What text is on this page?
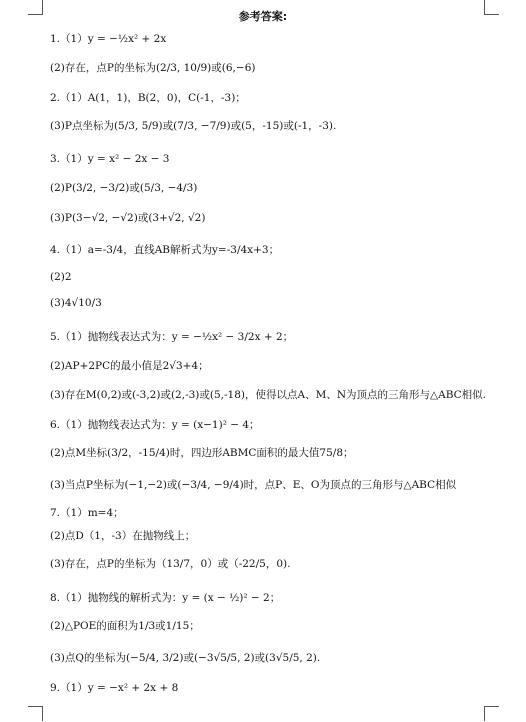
参考答案:
1.（1）y = −½x² + 2x
(2)存在，点P的坐标为(2/3, 10/9)或(6,−6)
2.（1）A(1，1)，B(2，0)，C(-1，-3)；
(3)P点坐标为(5/3, 5/9)或(7/3, −7/9)或(5，-15)或(-1，-3).
3.（1）y = x² − 2x − 3
(2)P(3/2, −3/2)或(5/3, −4/3)
(3)P(3−√2, −√2)或(3+√2, √2)
4.（1）a=-3/4，直线AB解析式为y=-3/4x+3；
(2)2
(3)4√10/3
5.（1）抛物线表达式为：y = −½x² − 3/2x + 2；
(2)AP+2PC的最小值是2√3+4；
(3)存在M(0,2)或(-3,2)或(2,-3)或(5,-18)，使得以点A、M、N为顶点的三角形与△ABC相似.
6.（1）抛物线表达式为：y = (x−1)² − 4；
(2)点M坐标(3/2，-15/4)时，四边形ABMC面积的最大值75/8；
(3)当点P坐标为(−1,−2)或(−3/4, −9/4)时，点P、E、O为顶点的三角形与△ABC相似
7.（1）m=4；
(2)点D（1，-3）在抛物线上；
(3)存在，点P的坐标为（13/7，0）或（-22/5，0).
8.（1）抛物线的解析式为：y = (x − ½)² − 2；
(2)△POE的面积为1/3或1/15；
(3)点Q的坐标为(−5/4, 3/2)或(−3√5/5, 2)或(3√5/5, 2).
9.（1）y = −x² + 2x + 8
